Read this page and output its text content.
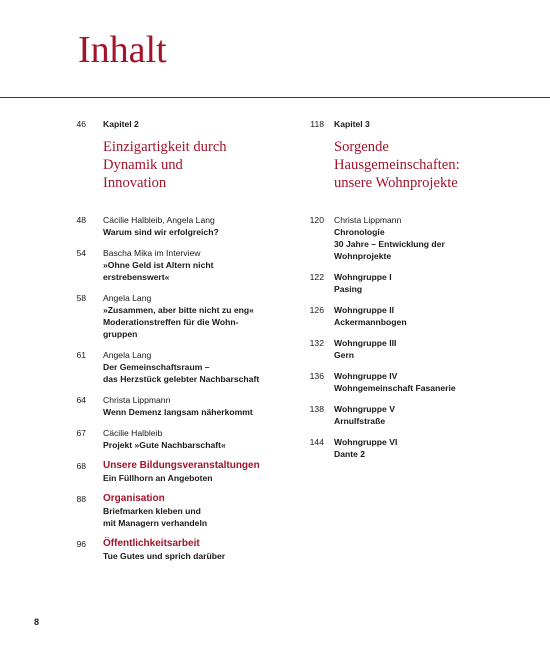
Inhalt
46	Kapitel 2
Einzigartigkeit durch
Dynamik und
Innovation
48	Cäcilie Halbleib, Angela Lang
Warum sind wir erfolgreich?
54	Bascha Mika im Interview
»Ohne Geld ist Altern nicht
erstrebenswert«
58	Angela Lang
»Zusammen, aber bitte nicht zu eng«
Moderationstreffen für die Wohn-
gruppen
61	Angela Lang
Der Gemeinschaftsraum –
das Herzstück gelebter Nachbarschaft
64	Christa Lippmann
Wenn Demenz langsam näherkommt
67	Cäcilie Halbleib
Projekt »Gute Nachbarschaft«
68	Unsere Bildungsveranstaltungen
Ein Füllhorn an Angeboten
88	Organisation
Briefmarken kleben und
mit Managern verhandeln
96	Öffentlichkeitsarbeit
Tue Gutes und sprich darüber
118	Kapitel 3
Sorgende
Hausgemeinschaften:
unsere Wohnprojekte
120	Christa Lippmann
Chronologie
30 Jahre – Entwicklung der
Wohnprojekte
122	Wohngruppe I
Pasing
126	Wohngruppe II
Ackermannbogen
132	Wohngruppe III
Gern
136	Wohngruppe IV
Wohngemeinschaft Fasanerie
138	Wohngruppe V
Arnulfstraße
144	Wohngruppe VI
Dante 2
8
